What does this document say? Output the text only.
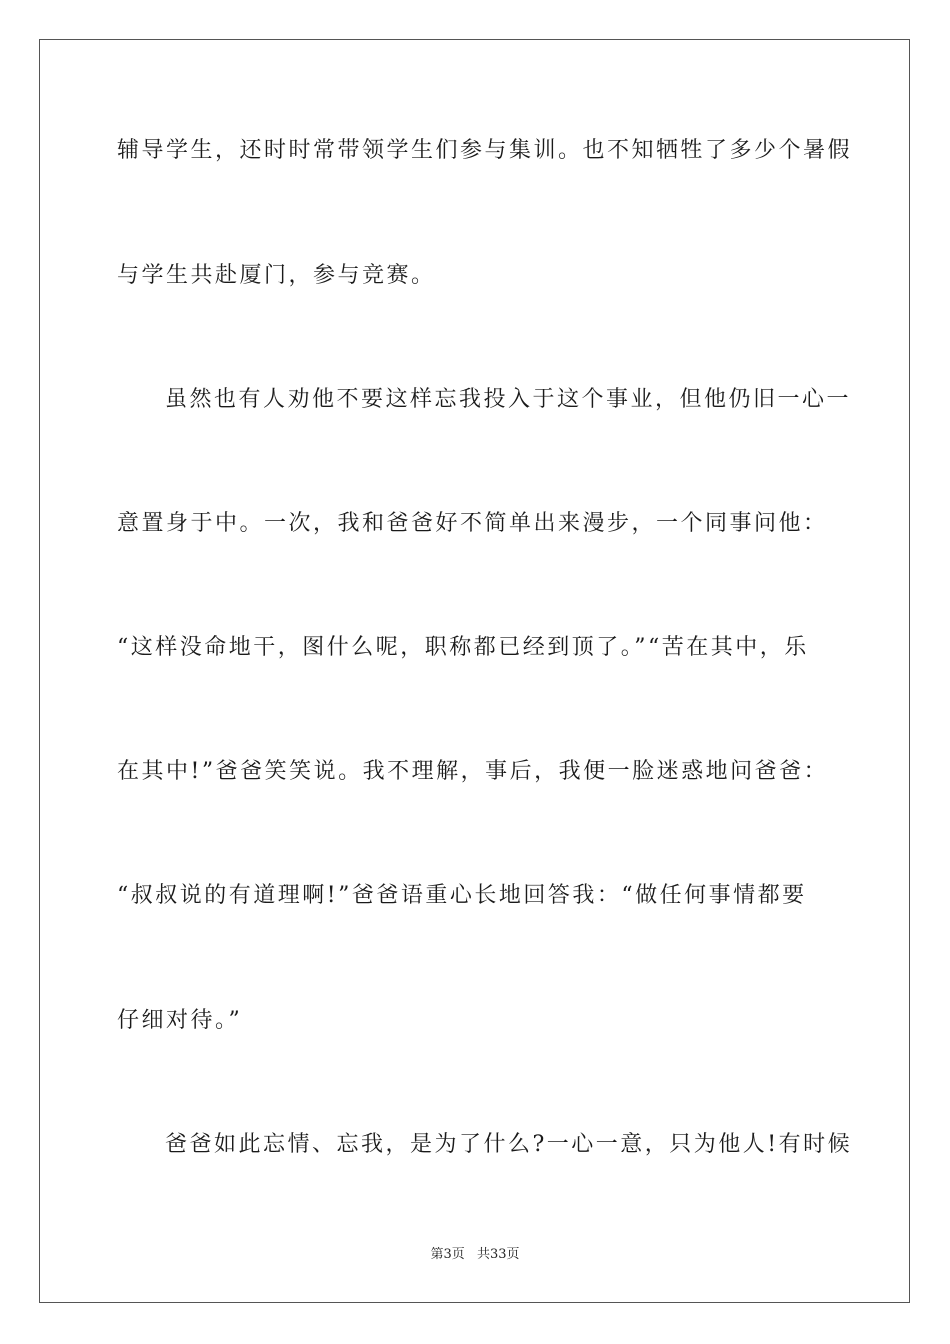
辅导学生，还时时常带领学生们参与集训。也不知牺牲了多少个暑假
与学生共赴厦门，参与竞赛。
虽然也有人劝他不要这样忘我投入于这个事业，但他仍旧一心一
意置身于中。一次，我和爸爸好不简单出来漫步，一个同事问他：
“这样没命地干，图什么呢，职称都已经到顶了。”“苦在其中，乐
在其中!”爸爸笑笑说。我不理解，事后，我便一脸迷惑地问爸爸：
“叔叔说的有道理啊!”爸爸语重心长地回答我：“做任何事情都要
仔细对待。”
爸爸如此忘情、忘我，是为了什么?一心一意，只为他人!有时候
第3页 共33页
